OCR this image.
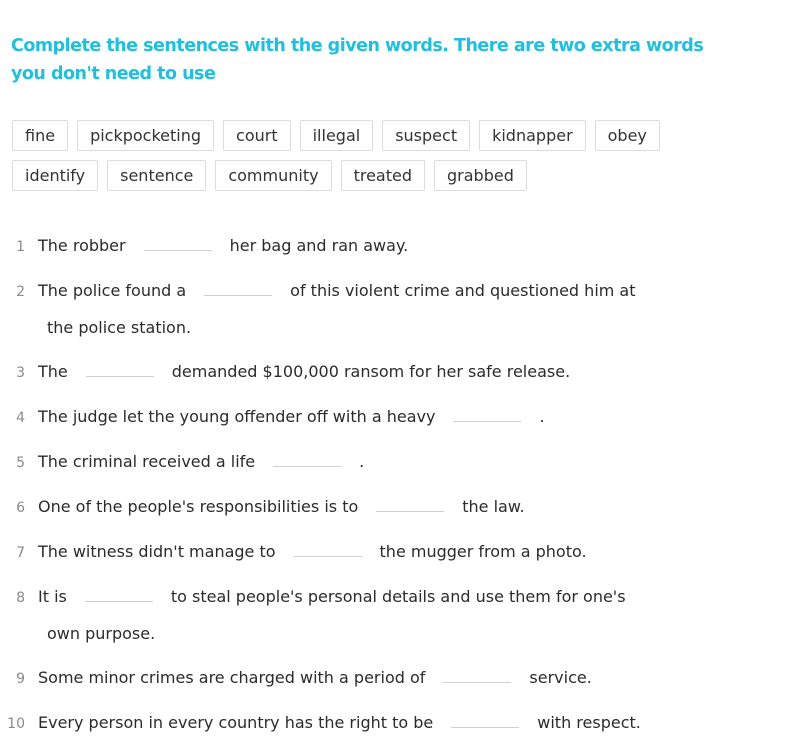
Complete the sentences with the given words. There are two extra words you don't need to use
fine	pickpocketing	court	illegal	suspect	kidnapper	obey
identify	sentence	community	treated	grabbed
1 The robber	her bag and ran away.
2 The police found a	of this violent crime and questioned him at
the police station.
3 The	demanded $100,000 ransom for her safe release.
4 The judge let the young offender off with a heavy	.
5 The criminal received a life	.
6 One of the people's responsibilities is to	the law.
7 The witness didn't manage to	the mugger from a photo.
8 It is	to steal people's personal details and use them for one's
own purpose.
9 Some minor crimes are charged with a period of	service.
10 Every person in every country has the right to be	with respect.
